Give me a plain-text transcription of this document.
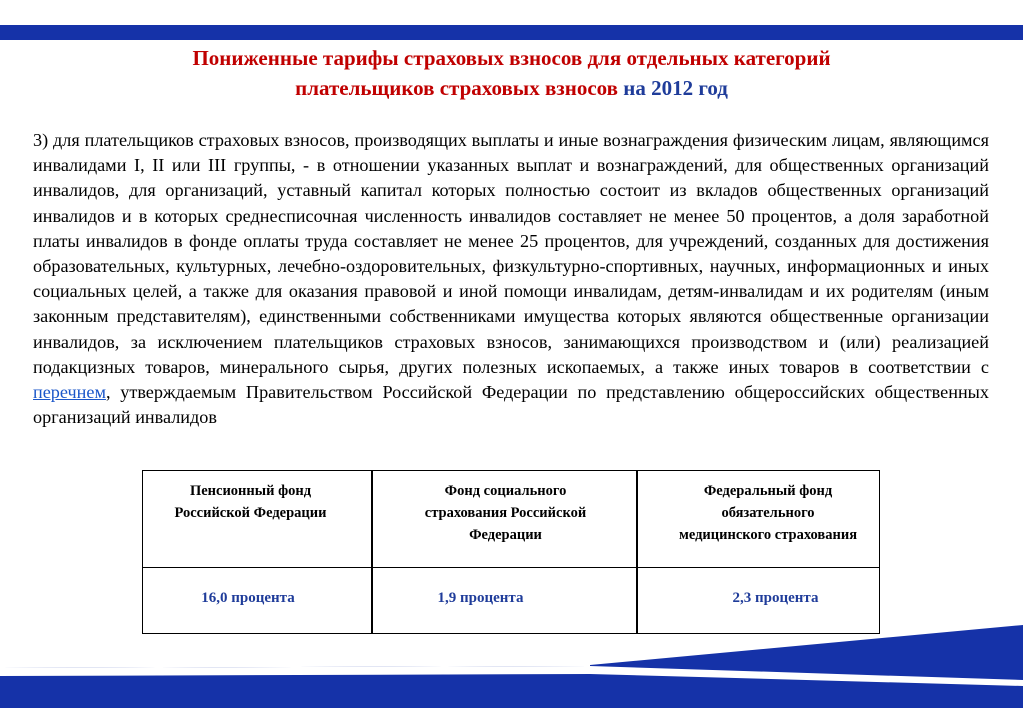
Пониженные тарифы страховых взносов для отдельных категорий
плательщиков страховых взносов на 2012 год
3) для плательщиков страховых взносов, производящих выплаты и иные вознаграждения физическим лицам, являющимся инвалидами I, II или III группы, - в отношении указанных выплат и вознаграждений, для общественных организаций инвалидов, для организаций, уставный капитал которых полностью состоит из вкладов общественных организаций инвалидов и в которых среднесписочная численность инвалидов составляет не менее 50 процентов, а доля заработной платы инвалидов в фонде оплаты труда составляет не менее 25 процентов, для учреждений, созданных для достижения образовательных, культурных, лечебно-оздоровительных, физкультурно-спортивных, научных, информационных и иных социальных целей, а также для оказания правовой и иной помощи инвалидам, детям-инвалидам и их родителям (иным законным представителям), единственными собственниками имущества которых являются общественные организации инвалидов, за исключением плательщиков страховых взносов, занимающихся производством и (или) реализацией подакцизных товаров, минерального сырья, других полезных ископаемых, а также иных товаров в соответствии с перечнем, утверждаемым Правительством Российской Федерации по представлению общероссийских общественных организаций инвалидов
Пенсионный фонд Российской Федерации
Фонд социального страхования Российской Федерации
Федеральный фонд обязательного медицинского страхования
16,0 процента	1,9 процента	2,3 процента
